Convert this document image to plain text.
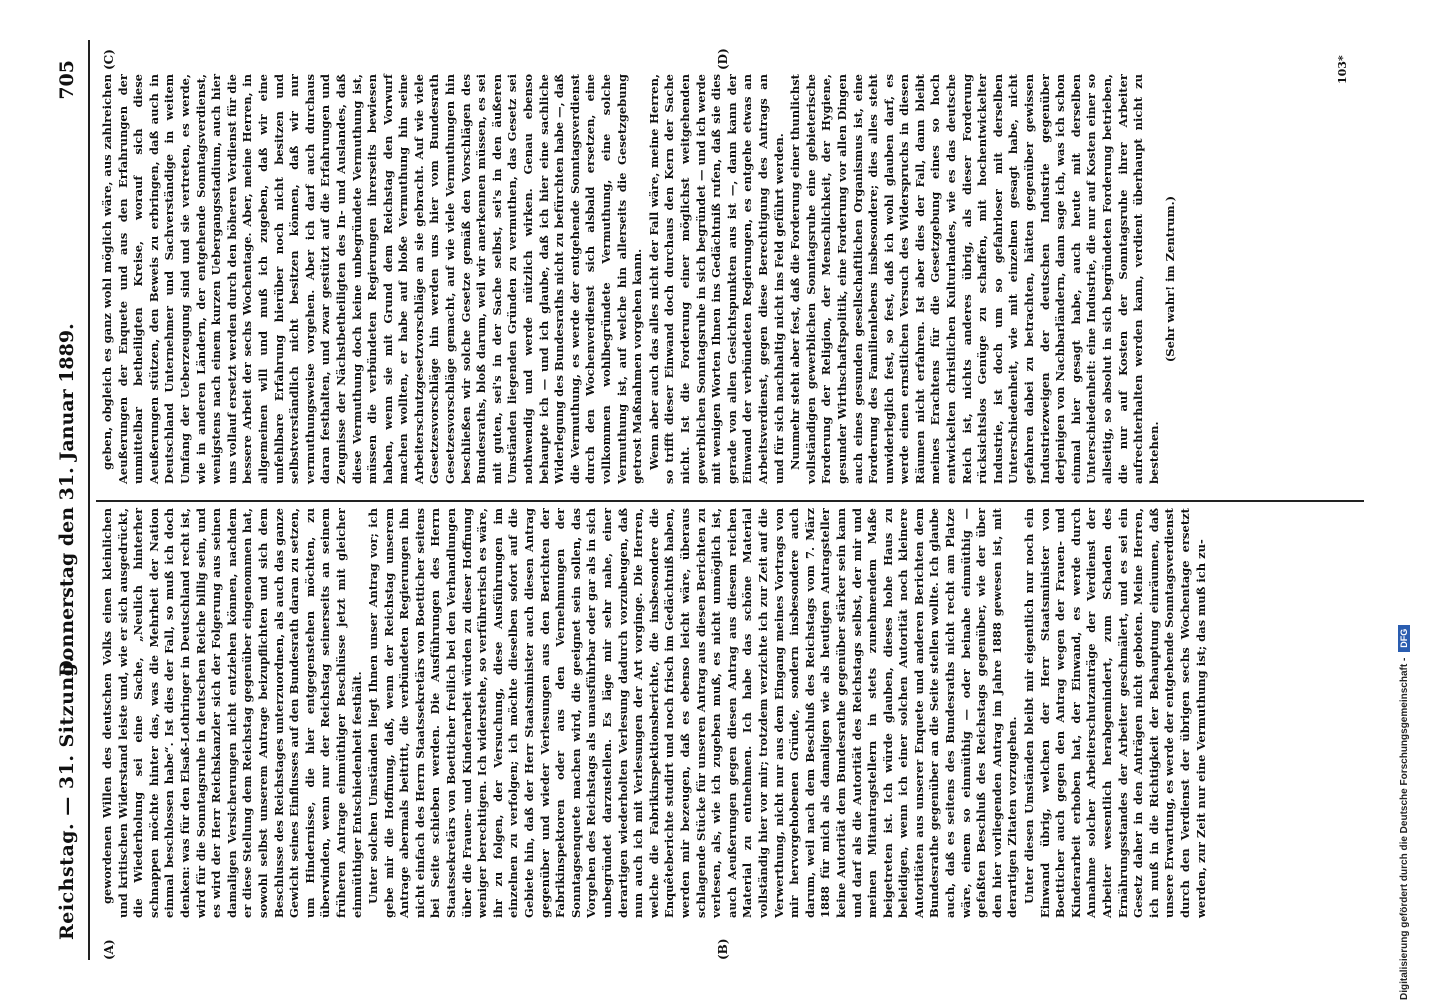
Reichstag. — 31. Sitzung.
Donnerstag den 31. Januar 1889.
705
(A)	(B)
(C)	(D)

gewordenen Willen des deutschen Volks einen kleinlichen und kritischen Widerstand leiste und, wie er sich ausgedrückt, die Wiederholung sei eine Sache, „Neulich hinterher schnappen möchte hinter das, was die Mehrheit der Nation einmal beschlossen habe“. Ist dies der Fall, so muß ich doch denken: was für den Elsaß-Lothringer in Deutschland recht ist, wird für die Sonntagsruhe in deutschen Reiche billig sein, und es wird der Herr Reichskanzler sich der Folgerung aus seinen damaligen Versicherungen nicht entziehen können, nachdem er diese Stellung dem Reichstag gegenüber eingenommen hat, sowohl selbst unserem Antrage beizupflichten und sich dem Beschlusse des Reichstages unterzuordnen, als auch das ganze Gewicht seines Einflusses auf den Bundesrath daran zu setzen, um Hindernisse, die hier entgegenstehen möchten, zu überwinden, wenn nur der Reichstag seinerseits an seinem früheren Antrage einmüthiger Beschlüsse jetzt mit gleicher einmüthiger Entschiedenheit festhält. Unter solchen Umständen liegt Ihnen unser Antrag vor; ich gebe mir die Hoffnung, daß, wenn der Reichstag unserem Antrage abermals beitritt, die verbündeten Regierungen ihn nicht einfach des Herrn Staatssekretärs von Boetticher seitens bei Seite schieben werden. Die Ausführungen des Herrn Staatssekretärs von Boetticher freilich bei den Verhandlungen über die Frauen- und Kinderarbeit würden zu dieser Hoffnung weniger berechtigen. Ich widerstehe, so verführerisch es wäre, ihr zu folgen, der Versuchung, diese Ausführungen im einzelnen zu verfolgen; ich möchte dieselben sofort auf die Gebiete hin, daß der Herr Staatsminister auch diesen Antrag gegenüber und wieder Verlesungen aus den Berichten der Fabrikinspektoren oder aus den Vernehmungen der Sonntagsenquete machen wird, die geeignet sein sollen, das Vorgehen des Reichstags als unausführbar oder gar als in sich unbegründet darzustellen. Es läge mir sehr nahe, einer derartigen wiederholten Verlesung dadurch vorzubeugen, daß nun auch ich mit Verlesungen der Art vorginge. Die Herren, welche die Fabrikinspektionsberichte, die insbesondere die Enquêteberichte studirt und noch frisch im Gedächtniß haben, werden mir bezeugen, daß es ebenso leicht wäre, überaus schlagende Stücke für unseren Antrag aus diesen Berichten zu verlesen, als, wie ich zugeben muß, es nicht unmöglich ist, auch Aeußerungen gegen diesen Antrag aus diesem reichen Material zu entnehmen. Ich habe das schöne Material vollständig hier vor mir; trotzdem verzichte ich zur Zeit auf die Verwerthung, nicht nur aus dem Eingang meines Vortrags von mir hervorgehobenen Gründe, sondern insbesondere auch darum, weil nach dem Beschluß des Reichstags vom 7. März 1888 für mich als damaligen wie als heutigen Antragsteller keine Autorität dem Bundesrathe gegenüber stärker sein kann und darf als die Autorität des Reichstags selbst, der mir und meinen Mitantragstellern in stets zunehmendem Maße beigetreten ist. Ich würde glauben, dieses hohe Haus zu beleidigen, wenn ich einer solchen Autorität noch kleinere Autoritäten aus unserer Enquete und anderen Berichten dem Bundesrathe gegenüber an die Seite stellen wollte. Ich glaube auch, daß es seitens des Bundesraths nicht recht am Platze wäre, einem so einmüthig — oder beinahe einmüthig — gefaßten Beschluß des Reichstags gegenüber, wie der über den hier vorliegenden Antrag im Jahre 1888 gewesen ist, mit derartigen Zitaten vorzugehen. Unter diesen Umständen bleibt mir eigentlich nur noch ein Einwand übrig, welchen der Herr Staatsminister von Boetticher auch gegen den Antrag wegen der Frauen- und Kinderarbeit erhoben hat, der Einwand, es werde durch Annahme solcher Arbeiterschutzanträge der Verdienst der Arbeiter wesentlich herabgemindert, zum Schaden des Ernährungsstandes der Arbeiter geschmälert, und es sei ein Gesetz daher in den Anträgen nicht geboten. Meine Herren, ich muß in die Richtigkeit der Behauptung einräumen, daß unsere Erwartung, es werde der entgehende Sonntagsverdienst durch den Verdienst der übrigen sechs Wochentage ersetzt werden, zur Zeit nur eine Vermuthung ist; das muß ich zu-

geben, obgleich es ganz wohl möglich wäre, aus zahlreichen Aeußerungen der Enquete und aus den Erfahrungen der unmittelbar betheiligten Kreise, worauf sich diese Aeußerungen stützen, den Beweis zu erbringen, daß auch in Deutschland Unternehmer und Sachverständige in weitem Umfang der Ueberzeugung sind und sie vertreten, es werde, wie in anderen Ländern, der entgehende Sonntagsverdienst, wenigstens nach einem kurzen Uebergangsstadium, auch hier uns vollauf ersetzt werden durch den höheren Verdienst für die bessere Arbeit der sechs Wochentage. Aber, meine Herren, in allgemeinen will und muß ich zugeben, daß wir eine unfehlbare Erfahrung hierüber noch nicht besitzen und selbstverständlich nicht besitzen können, daß wir nur vermuthungsweise vorgehen. Aber ich darf auch durchaus daran festhalten, und zwar gestützt auf die Erfahrungen und Zeugnisse der Nächstbetheiligten des In- und Auslandes, daß diese Vermuthung doch keine unbegründete Vermuthung ist, müssen die verbündeten Regierungen ihrerseits bewiesen haben, wenn sie mit Grund dem Reichstag den Vorwurf machen wollten, er habe auf bloße Vermuthung hin seine Arbeiterschutzgesetzvorschläge an sie gebracht. Auf wie viele Gesetzesvorschläge hin werden uns hier vom Bundesrath Gesetzesvorschläge gemacht, auf wie viele Vermuthungen hin beschließen wir solche Gesetze gemäß den Vorschlägen des Bundesraths, bloß darum, weil wir anerkennen müssen, es sei mit guten, sei's in der Sache selbst, sei's in den äußeren Umständen liegenden Gründen zu vermuthen, das Gesetz sei nothwendig und werde nützlich wirken. Genau ebenso behaupte ich — und ich glaube, daß ich hier eine sachliche Widerlegung des Bundesraths nicht zu befürchten habe —, daß die Vermuthung, es werde der entgehende Sonntagsverdienst durch den Wochenverdienst sich alsbald ersetzen, eine vollkommen wohlbegründete Vermuthung, eine solche Vermuthung ist, auf welche hin allerseits die Gesetzgebung getrost Maßnahmen vorgehen kann. Wenn aber auch das alles nicht der Fall wäre, meine Herren, so trifft dieser Einwand doch durchaus den Kern der Sache nicht. Ist die Forderung einer möglichst weitgehenden gewerblichen Sonntagsruhe in sich begründet — und ich werde mit wenigen Worten Ihnen ins Gedächtniß rufen, daß sie dies gerade von allen Gesichtspunkten aus ist —, dann kann der Einwand der verbündeten Regierungen, es entgehe etwas an Arbeitsverdienst, gegen diese Berechtigung des Antrags an und für sich nachhaltig nicht ins Feld geführt werden. Nunmehr steht aber fest, daß die Forderung einer thunlichst vollständigen gewerblichen Sonntagsruhe eine gebieterische Forderung der Religion, der Menschlichkeit, der Hygiene, gesunder Wirthschaftspolitik, eine Forderung vor allen Dingen auch eines gesunden gesellschaftlichen Organismus ist, eine Forderung des Familienlebens insbesondere; dies alles steht unwiderleglich fest, so fest, daß ich wohl glauben darf, es werde einen ernstlichen Versuch des Widerspruchs in diesen Räumen nicht erfahren. Ist aber dies der Fall, dann bleibt meines Erachtens für die Gesetzgebung eines so hoch entwickelten christlichen Kulturlandes, wie es das deutsche Reich ist, nichts anderes übrig, als dieser Forderung rücksichtslos Genüge zu schaffen, mit hochentwickelter Industrie, ist doch um so gefahrloser mit derselben Unterschiedenheit, wie mit einzelnen gesagt habe, nicht gefahren dabei zu betrachten, hätten gegenüber gewissen Industriezweigen der deutschen Industrie gegenüber derjenigen von Nachbarländern, dann sage ich, was ich schon einmal hier gesagt habe, auch heute mit derselben Unterschiedenheit: eine Industrie, die nur auf Kosten einer so allseitig, so absolut in sich begründeten Forderung betrieben, die nur auf Kosten der Sonntagsruhe ihrer Arbeiter aufrechterhalten werden kann, verdient überhaupt nicht zu bestehen.

(Sehr wahr! im Zentrum.)

103*
Digitalisierung gefördert durch die Deutsche Forschungsgemeinschaft -DFG
